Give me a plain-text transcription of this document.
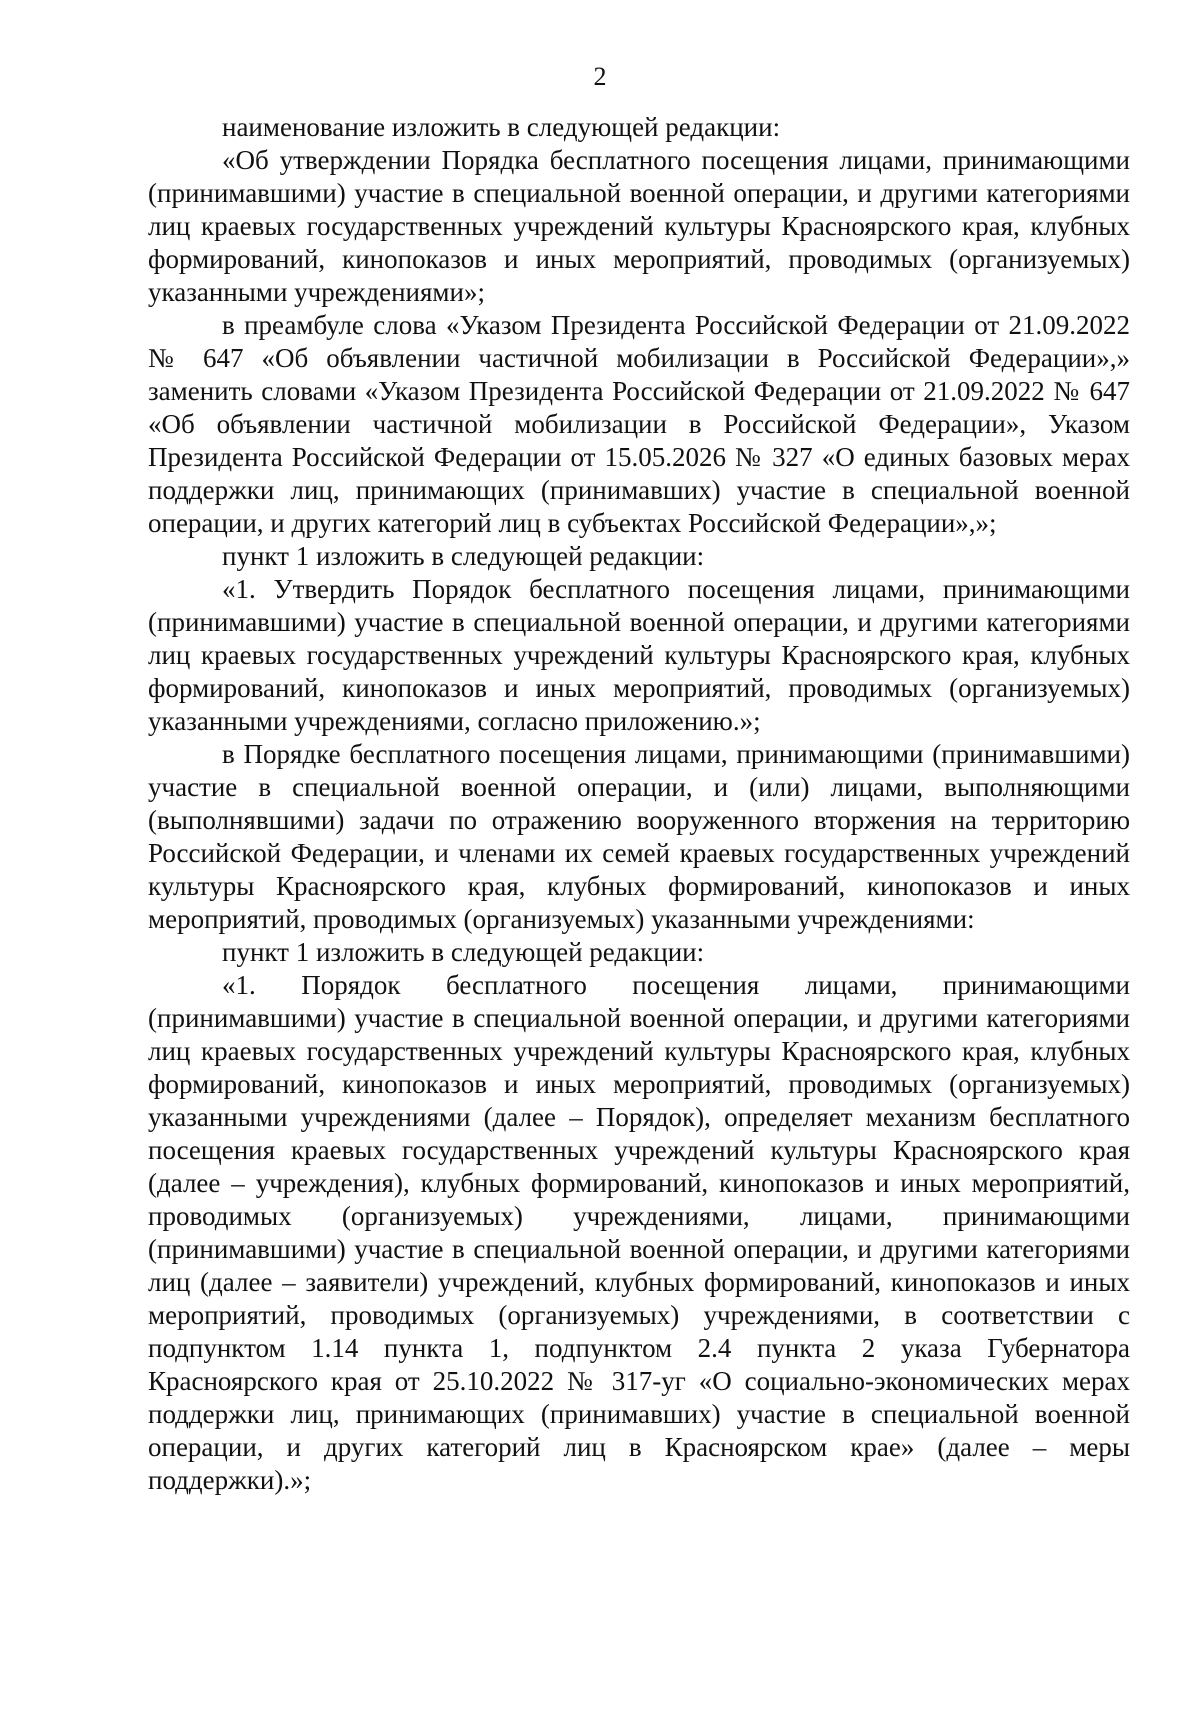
2

наименование изложить в следующей редакции:

«Об утверждении Порядка бесплатного посещения лицами, принимающими (принимавшими) участие в специальной военной операции, и другими категориями лиц краевых государственных учреждений культуры Красноярского края, клубных формирований, кинопоказов и иных мероприятий, проводимых (организуемых) указанными учреждениями»;

в преамбуле слова «Указом Президента Российской Федерации от 21.09.2022 № 647 «Об объявлении частичной мобилизации в Российской Федерации»,» заменить словами «Указом Президента Российской Федерации от 21.09.2022 № 647 «Об объявлении частичной мобилизации в Российской Федерации», Указом Президента Российской Федерации от 15.05.2026 № 327 «О единых базовых мерах поддержки лиц, принимающих (принимавших) участие в специальной военной операции, и других категорий лиц в субъектах Российской Федерации»,»;

пункт 1 изложить в следующей редакции:

«1. Утвердить Порядок бесплатного посещения лицами, принимающими (принимавшими) участие в специальной военной операции, и другими категориями лиц краевых государственных учреждений культуры Красноярского края, клубных формирований, кинопоказов и иных мероприятий, проводимых (организуемых) указанными учреждениями, согласно приложению.»;

в Порядке бесплатного посещения лицами, принимающими (принимавшими) участие в специальной военной операции, и (или) лицами, выполняющими (выполнявшими) задачи по отражению вооруженного вторжения на территорию Российской Федерации, и членами их семей краевых государственных учреждений культуры Красноярского края, клубных формирований, кинопоказов и иных мероприятий, проводимых (организуемых) указанными учреждениями:

пункт 1 изложить в следующей редакции:

«1. Порядок бесплатного посещения лицами, принимающими (принимавшими) участие в специальной военной операции, и другими категориями лиц краевых государственных учреждений культуры Красноярского края, клубных формирований, кинопоказов и иных мероприятий, проводимых (организуемых) указанными учреждениями (далее – Порядок), определяет механизм бесплатного посещения краевых государственных учреждений культуры Красноярского края (далее – учреждения), клубных формирований, кинопоказов и иных мероприятий, проводимых (организуемых) учреждениями, лицами, принимающими (принимавшими) участие в специальной военной операции, и другими категориями лиц (далее – заявители) учреждений, клубных формирований, кинопоказов и иных мероприятий, проводимых (организуемых) учреждениями, в соответствии с подпунктом 1.14 пункта 1, подпунктом 2.4 пункта 2 указа Губернатора Красноярского края от 25.10.2022 № 317-уг «О социально-экономических мерах поддержки лиц, принимающих (принимавших) участие в специальной военной операции, и других категорий лиц в Красноярском крае» (далее – меры поддержки).»;
